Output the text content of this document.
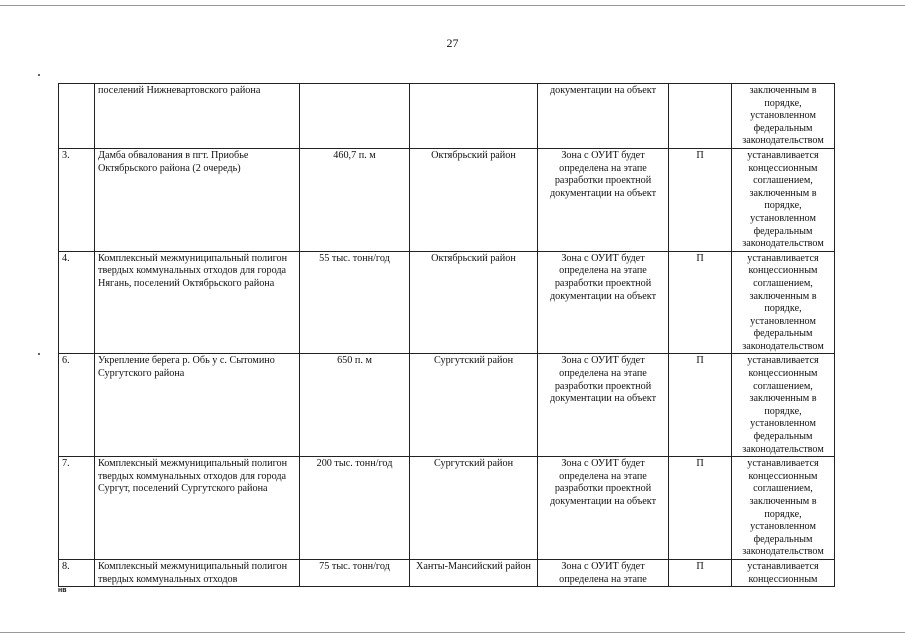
27
	поселений Нижневартовского района			документации на объект		заключенным в порядке, установленном федеральным законодательством
3.	Дамба обвалования в пгт. Приобье Октябрьского района (2 очередь)	460,7 п. м	Октябрьский район	Зона с ОУИТ будет определена на этапе разработки проектной документации на объект	П	устанавливается концессионным соглашением, заключенным в порядке, установленном федеральным законодательством
4.	Комплексный межмуниципальный полигон твердых коммунальных отходов для города Нягань, поселений Октябрьского района	55 тыс. тонн/год	Октябрьский район	Зона с ОУИТ будет определена на этапе разработки проектной документации на объект	П	устанавливается концессионным соглашением, заключенным в порядке, установленном федеральным законодательством
6.	Укрепление берега р. Обь у с. Сытомино Сургутского района	650 п. м	Сургутский район	Зона с ОУИТ будет определена на этапе разработки проектной документации на объект	П	устанавливается концессионным соглашением, заключенным в порядке, установленном федеральным законодательством
7.	Комплексный межмуниципальный полигон твердых коммунальных отходов для города Сургут, поселений Сургутского района	200 тыс. тонн/год	Сургутский район	Зона с ОУИТ будет определена на этапе разработки проектной документации на объект	П	устанавливается концессионным соглашением, заключенным в порядке, установленном федеральным законодательством
8.	Комплексный межмуниципальный полигон твердых коммунальных отходов	75 тыс. тонн/год	Ханты-Мансийский район	Зона с ОУИТ будет определена на этапе	П	устанавливается концессионным
нв
